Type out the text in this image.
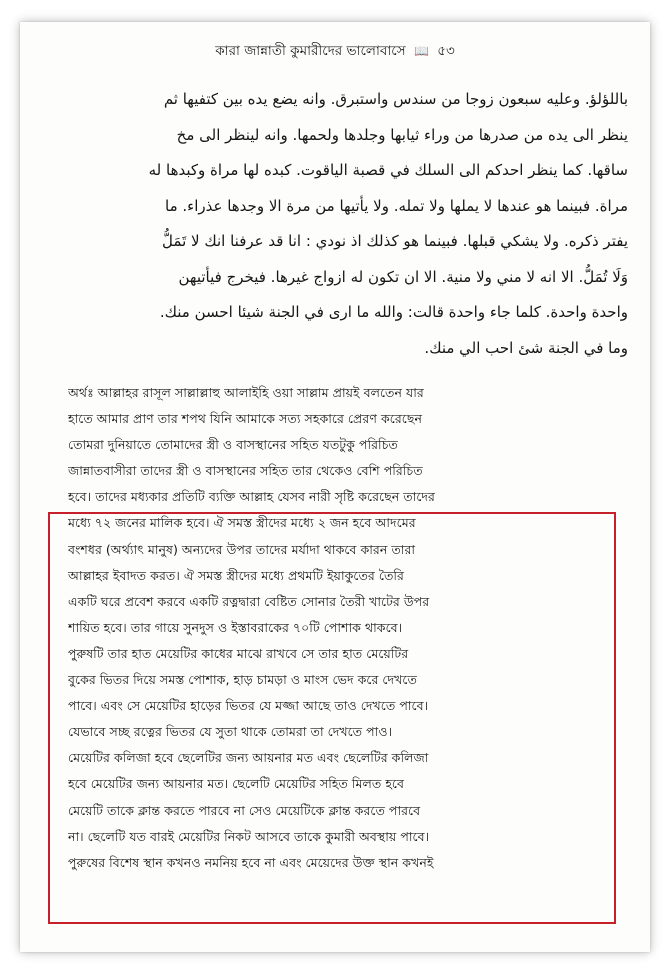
কারা জান্নাতী কুমারীদের ভালোবাসে 📖 ৫৩
باللؤلؤ. وعليه سبعون زوجا من سندس واستبرق. وانه يضع يده بين كتفيها ثم
ينظر الى يده من صدرها من وراء ثيابها وجلدها ولحمها. وانه لينظر الى مخ
ساقها. كما ينظر احدكم الى السلك في قصبة الياقوت. كبده لها مراة وكبدها له
مراة. فبينما هو عندها لا يملها ولا تمله. ولا يأتيها من مرة الا وجدها عذراء. ما
يفتر ذكره. ولا يشكي قبلها. فبينما هو كذلك اذ نودي : انا قد عرفنا انك لا تَمَلُّ
وَلَا تُمَلُّ. الا انه لا مني ولا منية. الا ان تكون له ازواج غيرها. فيخرج فيأتيهن
واحدة واحدة. كلما جاء واحدة قالت: والله ما ارى في الجنة شيئا احسن منك.
وما في الجنة شئ احب الي منك.
অর্থঃ আল্লাহর রাসূল সাল্লাল্লাহু আলাইহি ওয়া সাল্লাম প্রায়ই বলতেন যার
হাতে আমার প্রাণ তার শপথ যিনি আমাকে সত্য সহকারে প্রেরণ করেছেন
তোমরা দুনিয়াতে তোমাদের স্ত্রী ও বাসস্থানের সহিত যতটুকু পরিচিত
জান্নাতবাসীরা তাদের স্ত্রী ও বাসস্থানের সহিত তার থেকেও বেশি পরিচিত
হবে। তাদের মধ্যকার প্রতিটি ব্যক্তি আল্লাহ যেসব নারী সৃষ্টি করেছেন তাদের
মধ্যে ৭২ জনের মালিক হবে। ঐ সমস্ত স্ত্রীদের মধ্যে ২ জন হবে আদমের
বংশধর (অর্থ্যাৎ মানুষ) অন্যদের উপর তাদের মর্যাদা থাকবে কারন তারা
আল্লাহর ইবাদত করত। ঐ সমস্ত স্ত্রীদের মধ্যে প্রথমটি ইয়াকুতের তৈরি
একটি ঘরে প্রবেশ করবে একটি রত্নদ্বারা বেষ্টিত সোনার তৈরী খাটের উপর
শায়িত হবে। তার গায়ে সুনদুস ও ইস্তাবরাকের ৭০টি পোশাক থাকবে।
পুরুষটি তার হাত মেয়েটির কাধের মাঝে রাখবে সে তার হাত মেয়েটির
বুকের ভিতর দিয়ে সমস্ত পোশাক, হাড় চামড়া ও মাংস ভেদ করে দেখতে
পাবে। এবং সে মেয়েটির হাড়ের ভিতর যে মজ্জা আছে তাও দেখতে পাবে।
যেভাবে সচ্ছ রত্নের ভিতর যে সুতা থাকে তোমরা তা দেখতে পাও।
মেয়েটির কলিজা হবে ছেলেটির জন্য আয়নার মত এবং ছেলেটির কলিজা
হবে মেয়েটির জন্য আয়নার মত। ছেলেটি মেয়েটির সহিত মিলত হবে
মেয়েটি তাকে ক্লান্ত করতে পারবে না সেও মেয়েটিকে ক্লান্ত করতে পারবে
না। ছেলেটি যত বারই মেয়েটির নিকট আসবে তাকে কুমারী অবস্থায় পাবে।
পুরুষের বিশেষ স্থান কখনও নমনিয় হবে না এবং মেয়েদের উক্ত স্থান কখনই
